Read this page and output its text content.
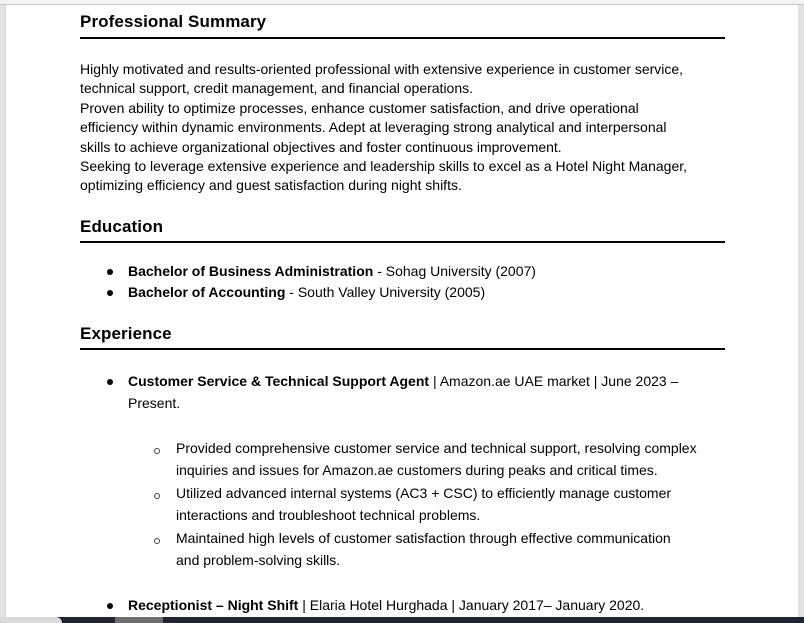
Professional Summary

Highly motivated and results-oriented professional with extensive experience in customer service,

technical support, credit management, and financial operations.

Proven ability to optimize processes, enhance customer satisfaction, and drive operational

efficiency within dynamic environments. Adept at leveraging strong analytical and interpersonal

skills to achieve organizational objectives and foster continuous improvement.

Seeking to leverage extensive experience and leadership skills to excel as a Hotel Night Manager,

optimizing efficiency and guest satisfaction during night shifts.

Education
Bachelor of Business Administration - Sohag University (2007)
Bachelor of Accounting - South Valley University (2005)
Experience
Customer Service & Technical Support Agent | Amazon.ae UAE market | June 2023 –
Present.
Provided comprehensive customer service and technical support, resolving complex
inquiries and issues for Amazon.ae customers during peaks and critical times.
Utilized advanced internal systems (AC3 + CSC) to efficiently manage customer
interactions and troubleshoot technical problems.
Maintained high levels of customer satisfaction through effective communication
and problem-solving skills.
Receptionist – Night Shift | Elaria Hotel Hurghada | January 2017– January 2020.
